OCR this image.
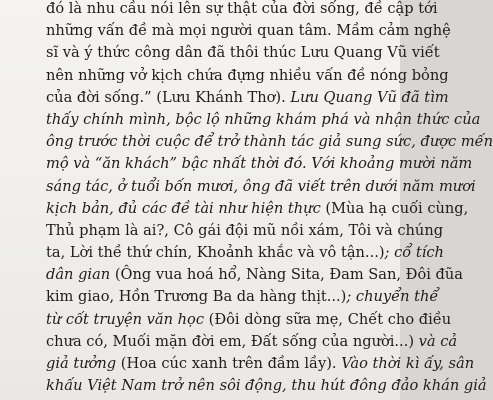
đó là nhu cầu nói lên sự thật của đời sống, đề cập tới
những vấn đề mà mọi người quan tâm. Mầm cảm nghệ
sĩ và ý thức công dân đã thôi thúc Lưu Quang Vũ viết
nên những vở kịch chứa đựng nhiều vấn đề nóng bỏng
của đời sống.” (Lưu Khánh Thơ). Lưu Quang Vũ đã tìm
thấy chính mình, bộc lộ những khám phá và nhận thức của
ông trước thời cuộc để trở thành tác giả sung sức, được mến
mộ và “ăn khách” bậc nhất thời đó. Với khoảng mười năm
sáng tác, ở tuổi bốn mươi, ông đã viết trên dưới năm mươi
kịch bản, đủ các đề tài như hiện thực (Mùa hạ cuối cùng,
Thủ phạm là ai?, Cô gái đội mũ nồi xám, Tôi và chúng
ta, Lời thề thứ chín, Khoảnh khắc và vô tận...); cổ tích
dân gian (Ông vua hoá hổ, Nàng Sita, Đam San, Đôi đũa
kim giao, Hồn Trương Ba da hàng thịt...); chuyển thể
từ cốt truyện văn học (Đôi dòng sữa mẹ, Chết cho điều
chưa có, Muối mặn đời em, Đất sống của người...) và cả
giả tưởng (Hoa cúc xanh trên đầm lầy). Vào thời kì ấy, sân
khấu Việt Nam trở nên sôi động, thu hút đông đảo khán giả
